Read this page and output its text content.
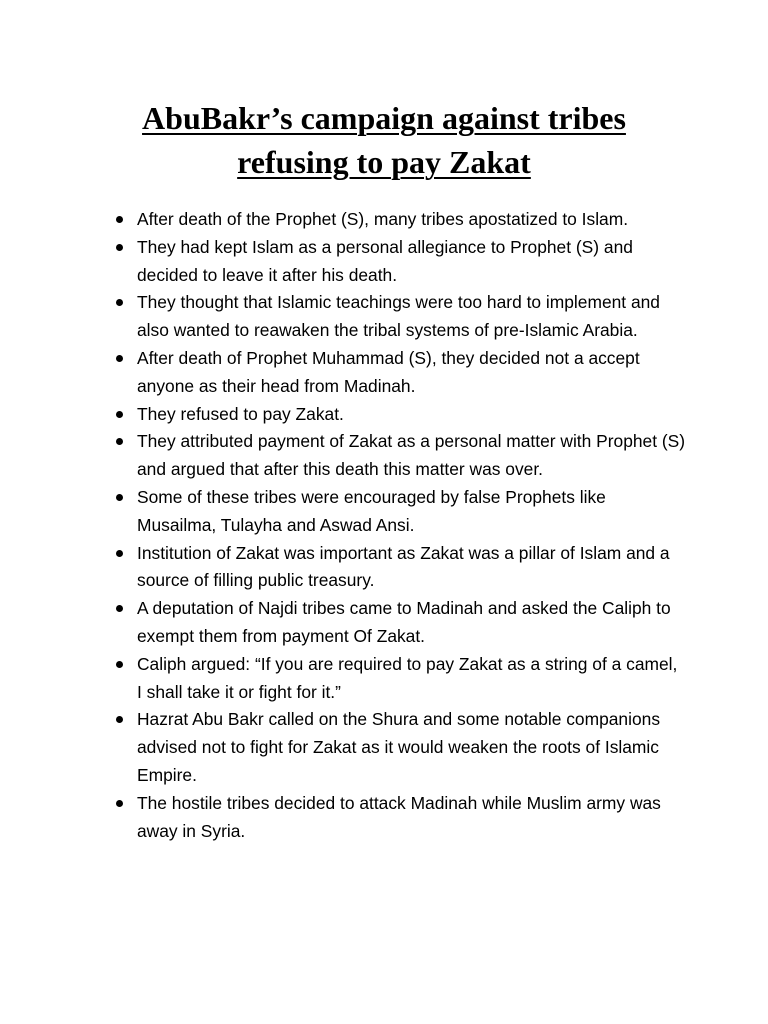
AbuBakr’s campaign against tribes
refusing to pay Zakat
After death of the Prophet (S), many tribes apostatized to Islam.
They had kept Islam as a personal allegiance to Prophet (S) and decided to leave it after his death.
They thought that Islamic teachings were too hard to implement and also wanted to reawaken the tribal systems of pre-Islamic Arabia.
After death of Prophet Muhammad (S), they decided not a accept anyone as their head from Madinah.
They refused to pay Zakat.
They attributed payment of Zakat as a personal matter with Prophet (S) and argued that after this death this matter was over.
Some of these tribes were encouraged by false Prophets like Musailma, Tulayha and Aswad Ansi.
Institution of Zakat was important as Zakat was a pillar of Islam and a source of filling public treasury.
A deputation of Najdi tribes came to Madinah and asked the Caliph to exempt them from payment Of Zakat.
Caliph argued: “If you are required to pay Zakat as a string of a camel, I shall take it or fight for it.”
Hazrat Abu Bakr called on the Shura and some notable companions advised not to fight for Zakat as it would weaken the roots of Islamic Empire.
The hostile tribes decided to attack Madinah while Muslim army was away in Syria.
